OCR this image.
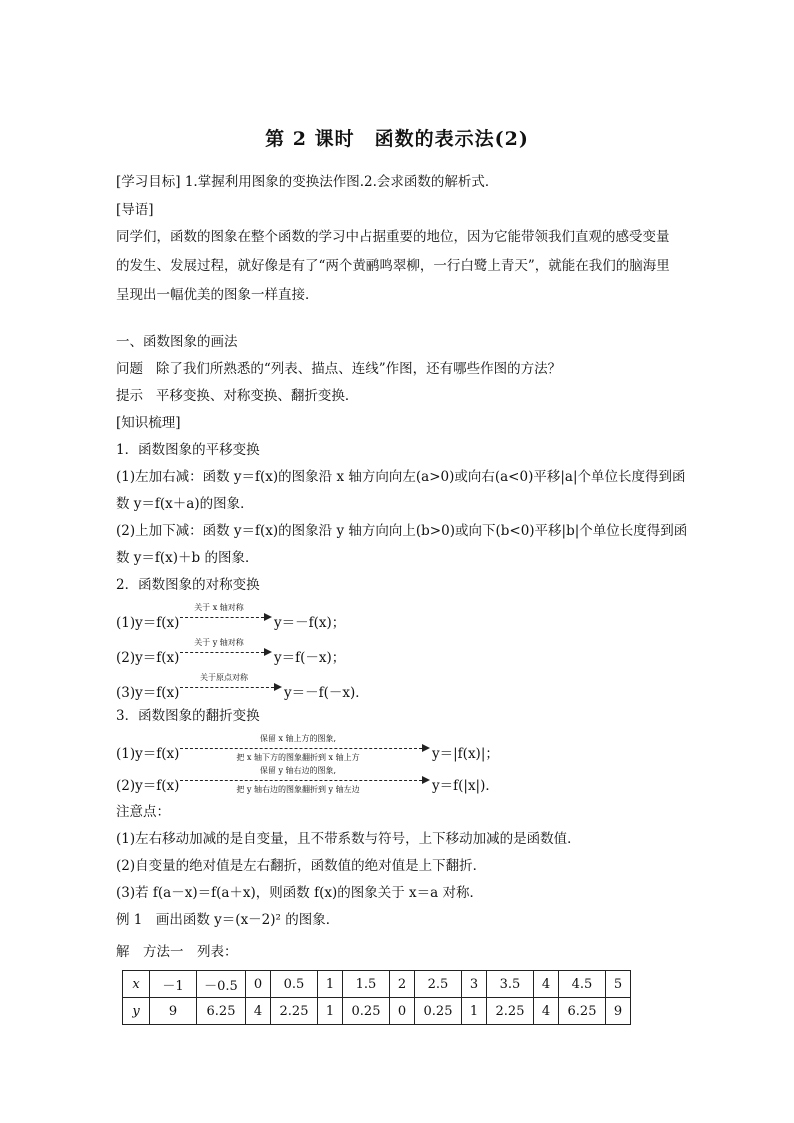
第 2 课时　函数的表示法(2)
[学习目标] 1.掌握利用图象的变换法作图.2.会求函数的解析式．
[导语]
同学们，函数的图象在整个函数的学习中占据重要的地位，因为它能带领我们直观的感受变量的发生、发展过程，就好像是有了“两个黄鹂鸣翠柳，一行白鹭上青天”，就能在我们的脑海里呈现出一幅优美的图象一样直接．
一、函数图象的画法
问题 除了我们所熟悉的“列表、描点、连线”作图，还有哪些作图的方法？
提示 平移变换、对称变换、翻折变换．
[知识梳理]
1．函数图象的平移变换
(1)左加右减：函数 y＝f(x)的图象沿 x 轴方向向左(a>0)或向右(a<0)平移|a|个单位长度得到函
数 y＝f(x＋a)的图象．
(2)上加下减：函数 y＝f(x)的图象沿 y 轴方向向上(b>0)或向下(b<0)平移|b|个单位长度得到函
数 y＝f(x)＋b 的图象．
2．函数图象的对称变换
(1)y＝f(x)
关于 x 轴对称
y＝－f(x)；
(2)y＝f(x)
关于 y 轴对称
y＝f(－x)；
(3)y＝f(x)
关于原点对称
y＝－f(－x)．
3．函数图象的翻折变换
(1)y＝f(x)
保留 x 轴上方的图象,
把 x 轴下方的图象翻折到 x 轴上方	y＝|f(x)|；
(2)y＝f(x)
保留 y 轴右边的图象,
把 y 轴右边的图象翻折到 y 轴左边	y＝f(|x|)．
注意点：
(1)左右移动加减的是自变量，且不带系数与符号，上下移动加减的是函数值．
(2)自变量的绝对值是左右翻折，函数值的绝对值是上下翻折．
(3)若 f(a－x)＝f(a＋x)，则函数 f(x)的图象关于 x＝a 对称．
例 1　画出函数 y＝(x－2)² 的图象．
解　方法一　列表：
x	－1	－0.5	0	0.5	1	1.5	2	2.5	3	3.5	4	4.5	5
y	9	6.25	4	2.25	1	0.25	0	0.25	1	2.25	4	6.25	9
